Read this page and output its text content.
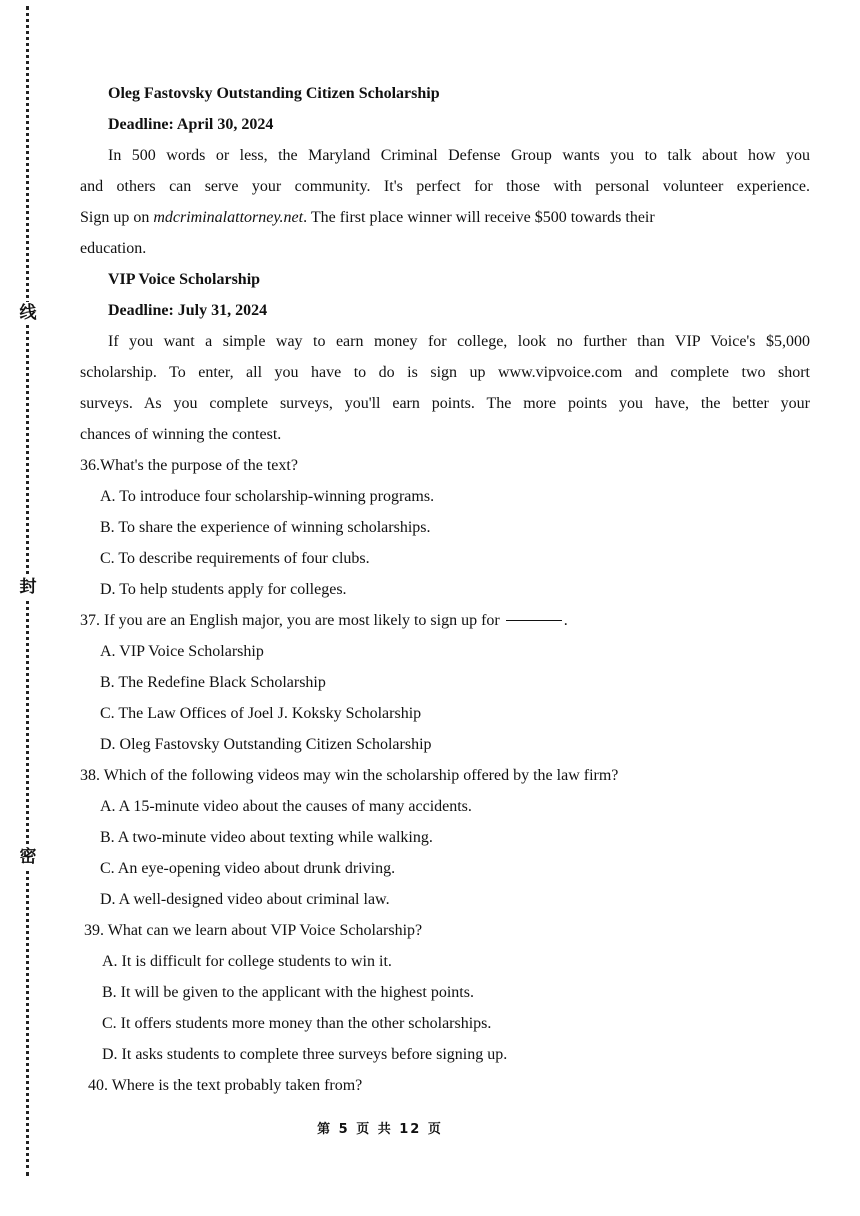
线
封
密
Oleg Fastovsky Outstanding Citizen Scholarship
Deadline: April 30, 2024
In 500 words or less, the Maryland Criminal Defense Group wants you to talk about how you
and others can serve your community. It's perfect for those with personal volunteer experience.
Sign up on mdcriminalattorney.net. The first place winner will receive $500 towards their
education.
VIP Voice Scholarship
Deadline: July 31, 2024
If you want a simple way to earn money for college, look no further than VIP Voice's $5,000
scholarship. To enter, all you have to do is sign up www.vipvoice.com and complete two short
surveys. As you complete surveys, you'll earn points. The more points you have, the better your
chances of winning the contest.
36.What's the purpose of the text?
A. To introduce four scholarship-winning programs.
B. To share the experience of winning scholarships.
C. To describe requirements of four clubs.
D. To help students apply for colleges.
37. If you are an English major, you are most likely to sign up for	.
A. VIP Voice Scholarship
B. The Redefine Black Scholarship
C. The Law Offices of Joel J. Koksky Scholarship
D. Oleg Fastovsky Outstanding Citizen Scholarship
38. Which of the following videos may win the scholarship offered by the law firm?
A. A 15-minute video about the causes of many accidents.
B. A two-minute video about texting while walking.
C. An eye-opening video about drunk driving.
D. A well-designed video about criminal law.
39. What can we learn about VIP Voice Scholarship?
A. It is difficult for college students to win it.
B. It will be given to the applicant with the highest points.
C. It offers students more money than the other scholarships.
D. It asks students to complete three surveys before signing up.
40. Where is the text probably taken from?
第 5 页 共 12 页
